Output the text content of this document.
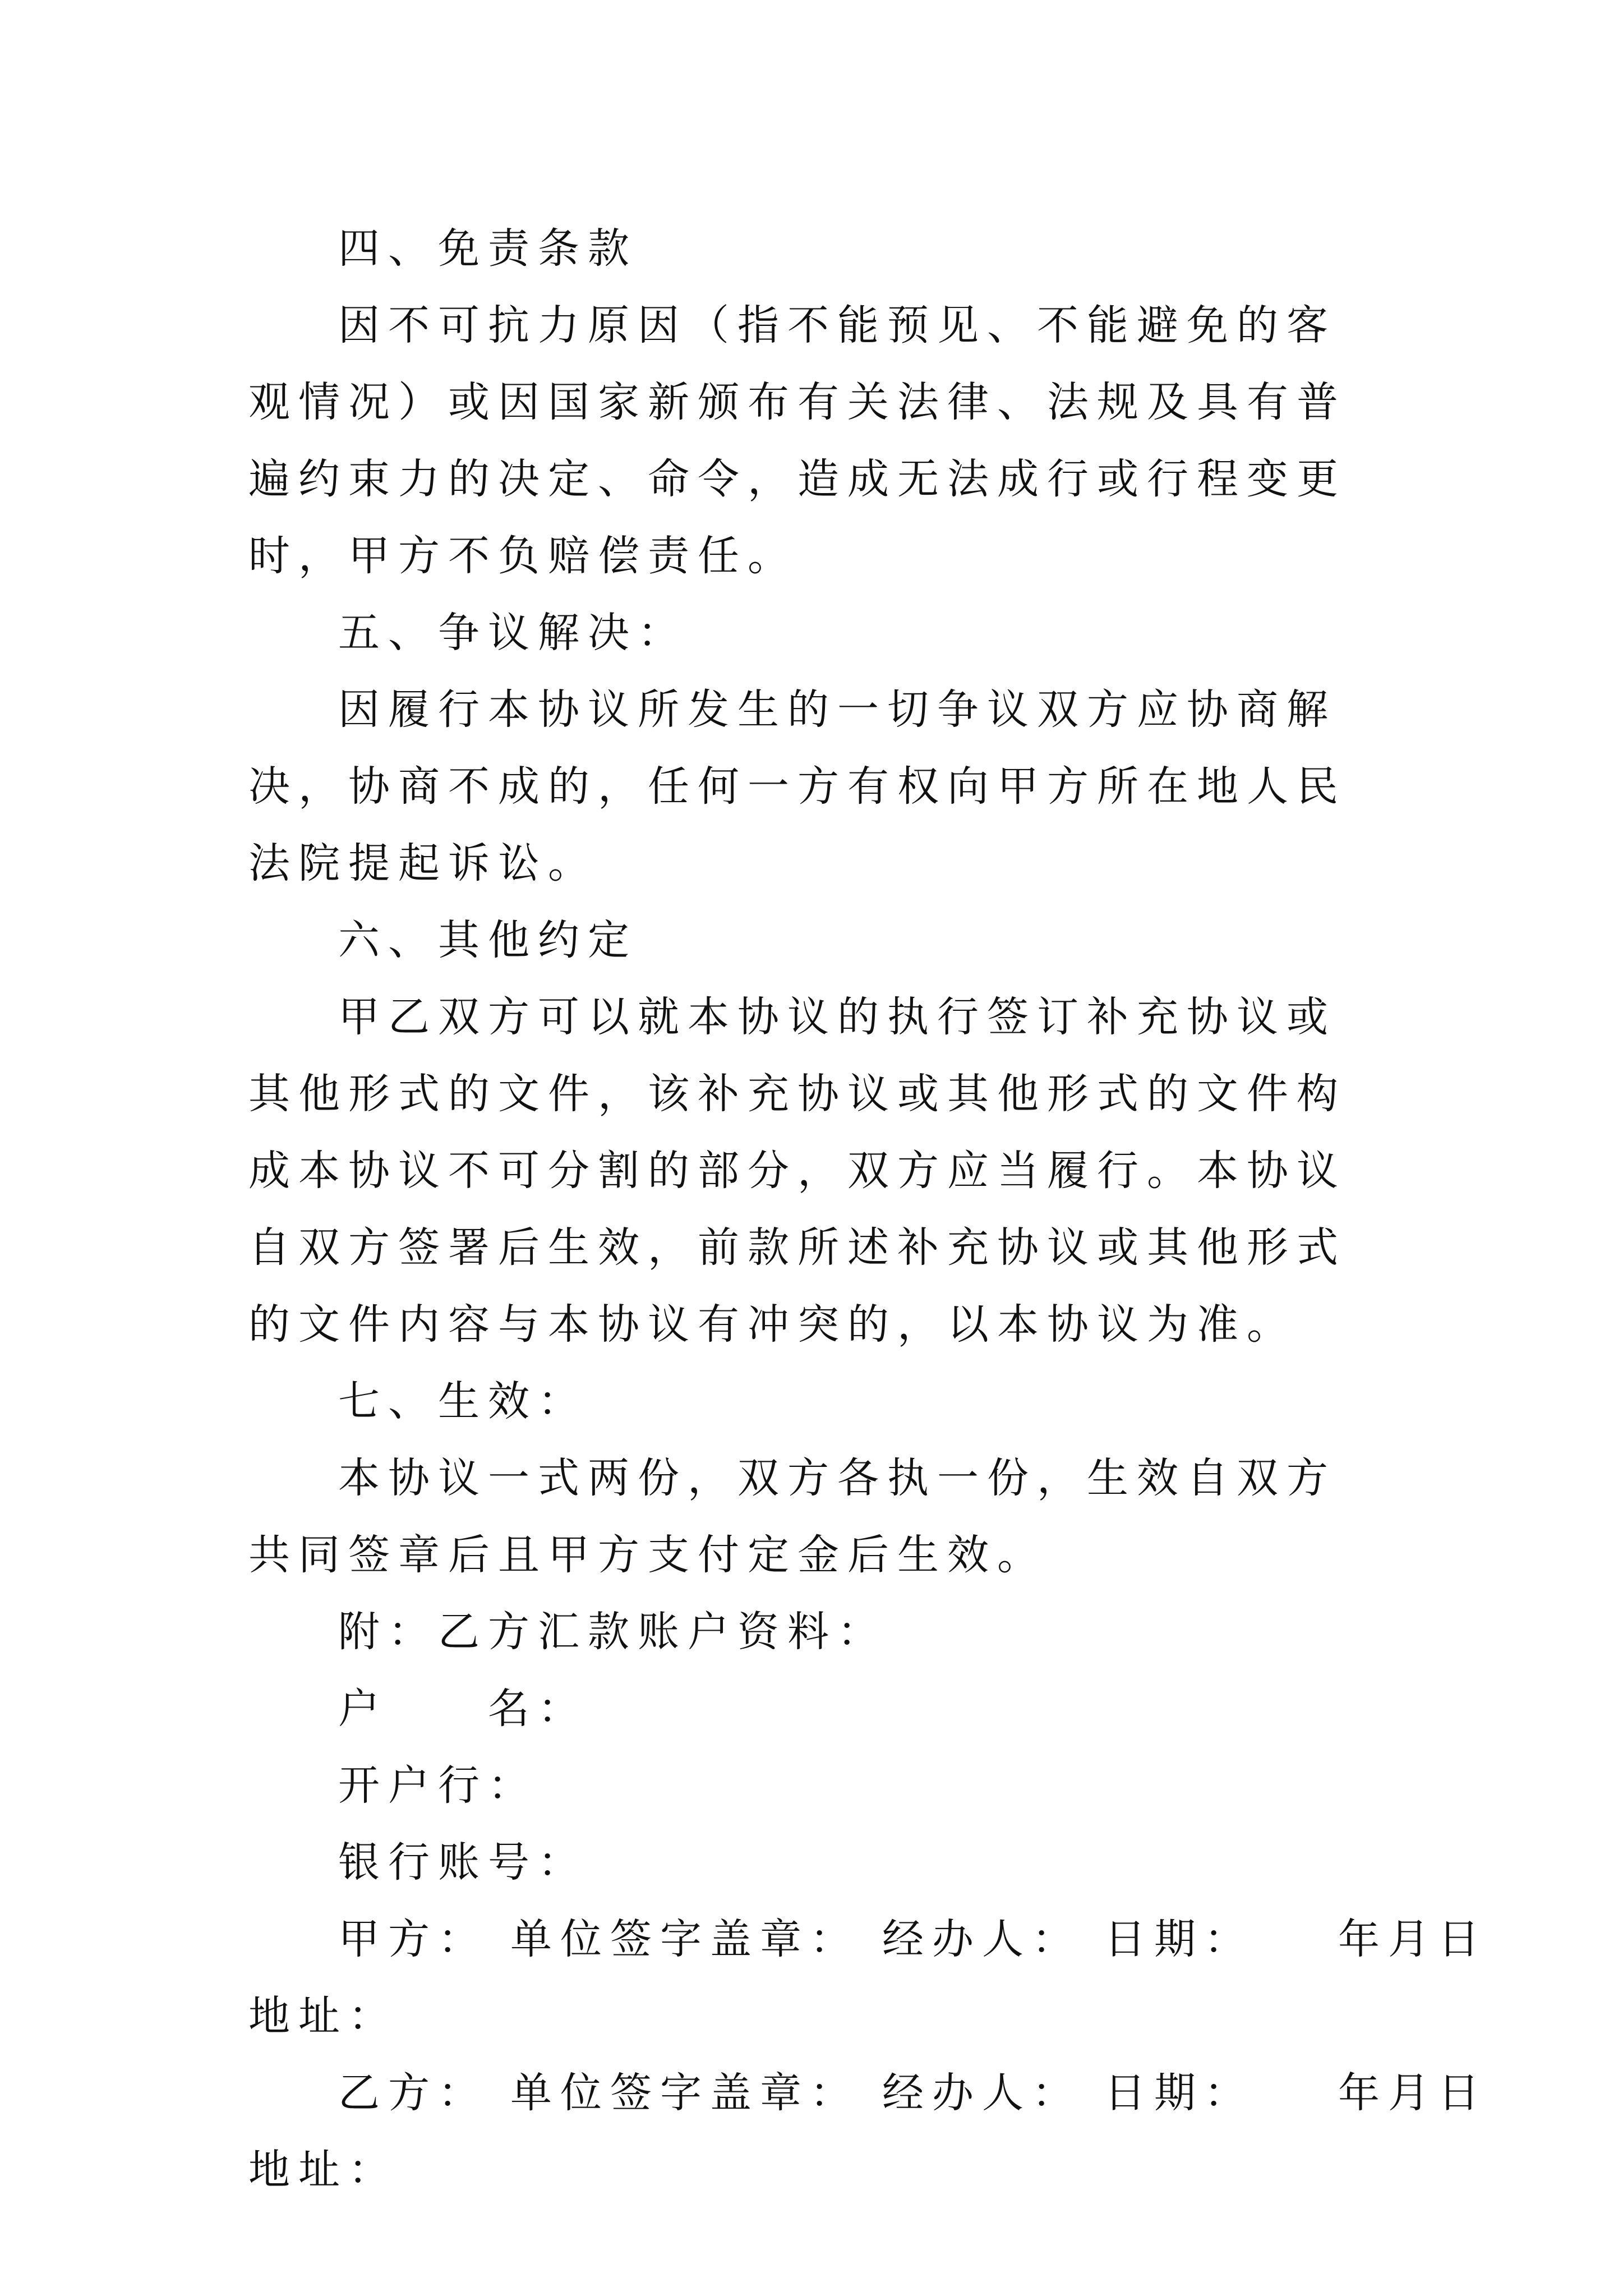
四、免责条款

因不可抗力原因（指不能预见、不能避免的客观情况）或因国家新颁布有关法律、法规及具有普遍约束力的决定、命令，造成无法成行或行程变更时，甲方不负赔偿责任。

五、争议解决：

因履行本协议所发生的一切争议双方应协商解决，协商不成的，任何一方有权向甲方所在地人民法院提起诉讼。

六、其他约定

甲乙双方可以就本协议的执行签订补充协议或其他形式的文件，该补充协议或其他形式的文件构成本协议不可分割的部分，双方应当履行。本协议自双方签署后生效，前款所述补充协议或其他形式的文件内容与本协议有冲突的，以本协议为准。

七、生效：

本协议一式两份，双方各执一份，生效自双方共同签章后且甲方支付定金后生效。

附：乙方汇款账户资料：

户　　名：

开户行：

银行账号：

甲方： 单位签字盖章： 经办人： 日期： 年月日

地址：

乙方： 单位签字盖章： 经办人： 日期： 年月日

地址：
